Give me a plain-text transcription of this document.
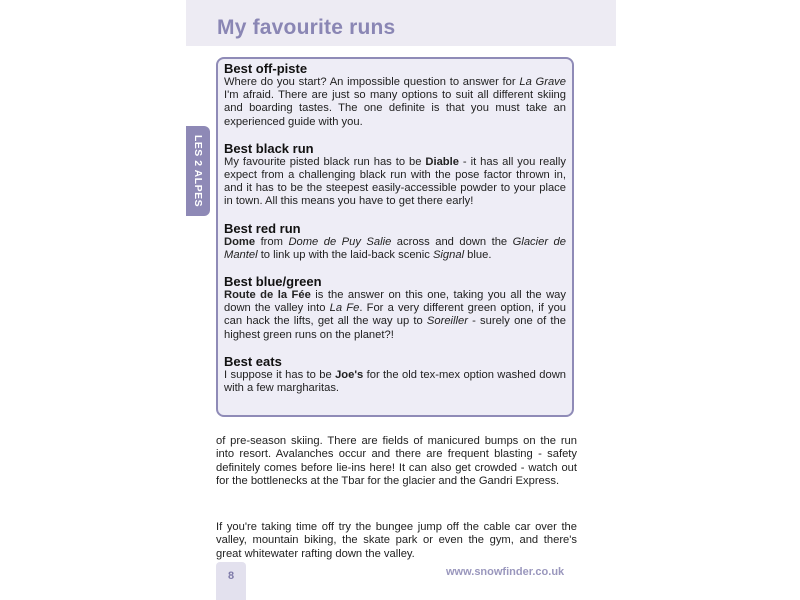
My favourite runs
LES 2 ALPES
Best off-piste

Where do you start? An impossible question to answer for La Grave I'm afraid. There are just so many options to suit all different skiing and boarding tastes. The one definite is that you must take an experienced guide with you.

Best black run

My favourite pisted black run has to be Diable - it has all you really expect from a challenging black run with the pose factor thrown in, and it has to be the steepest easily-accessible powder to your place in town. All this means you have to get there early!

Best red run

Dome from Dome de Puy Salie across and down the Glacier de Mantel to link up with the laid-back scenic Signal blue.

Best blue/green

Route de la Fée is the answer on this one, taking you all the way down the valley into La Fe. For a very different green option, if you can hack the lifts, get all the way up to Soreiller - surely one of the highest green runs on the planet?!

Best eats

I suppose it has to be Joe's for the old tex-mex option washed down with a few margharitas.

of pre-season skiing. There are fields of manicured bumps on the run into resort. Avalanches occur and there are frequent blasting - safety definitely comes before lie-ins here! It can also get crowded - watch out for the bottlenecks at the Tbar for the glacier and the Gandri Express.

If you're taking time off try the bungee jump off the cable car over the valley, mountain biking, the skate park or even the gym, and there's great whitewater rafting down the valley.

8	www.snowfinder.co.uk
